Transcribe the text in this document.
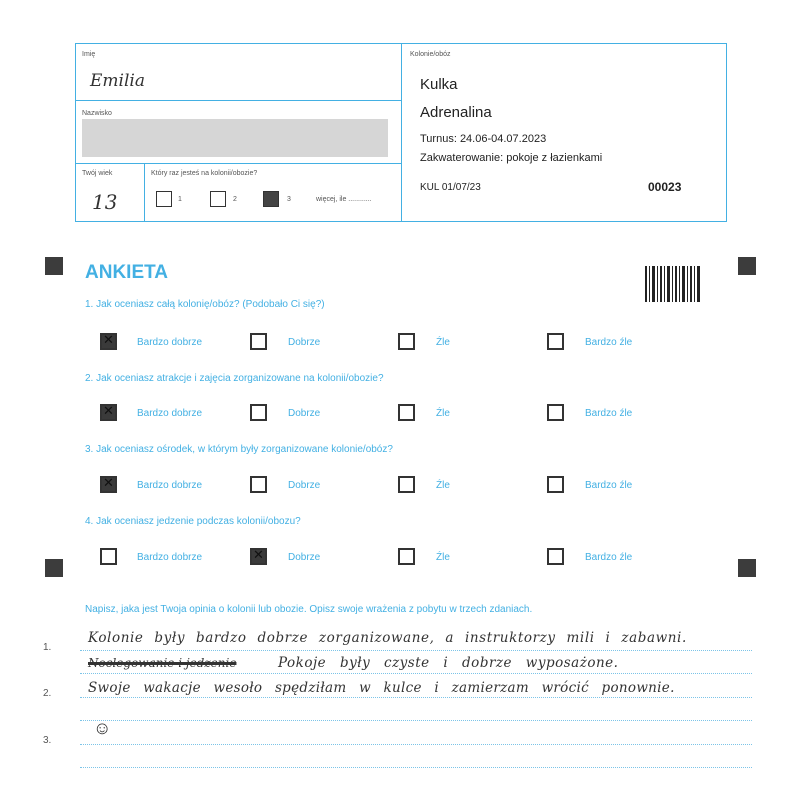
Imię
Emilia
Nazwisko
Twój wiek
13
Który raz jesteś na kolonii/obozie?
1	2	3	więcej, ile ............
Kolonie/obóz
Kulka
Adrenalina
Turnus: 24.06-04.07.2023
Zakwaterowanie: pokoje z łazienkami
KUL 01/07/23	00023
ANKIETA
1. Jak oceniasz całą kolonię/obóz? (Podobało Ci się?)
✕
Bardzo dobrze	Dobrze	Źle	Bardzo źle
2. Jak oceniasz atrakcje i zajęcia zorganizowane na kolonii/obozie?
✕
Bardzo dobrze	Dobrze	Źle	Bardzo źle
3. Jak oceniasz ośrodek, w którym były zorganizowane kolonie/obóz?
✕
Bardzo dobrze	Dobrze	Źle	Bardzo źle
4. Jak oceniasz jedzenie podczas kolonii/obozu?
Bardzo dobrze
✕	Dobrze	Źle	Bardzo źle
Napisz, jaka jest Twoja opinia o kolonii lub obozie. Opisz swoje wrażenia z pobytu w trzech zdaniach.
1.
2.
3.
Kolonie były bardzo dobrze zorganizowane, a instruktorzy mili i zabawni.
Noclegowanie i jedzenie	Pokoje były czyste i dobrze wyposażone.
Swoje wakacje wesoło spędziłam w kulce i zamierzam wrócić ponownie.
☺
